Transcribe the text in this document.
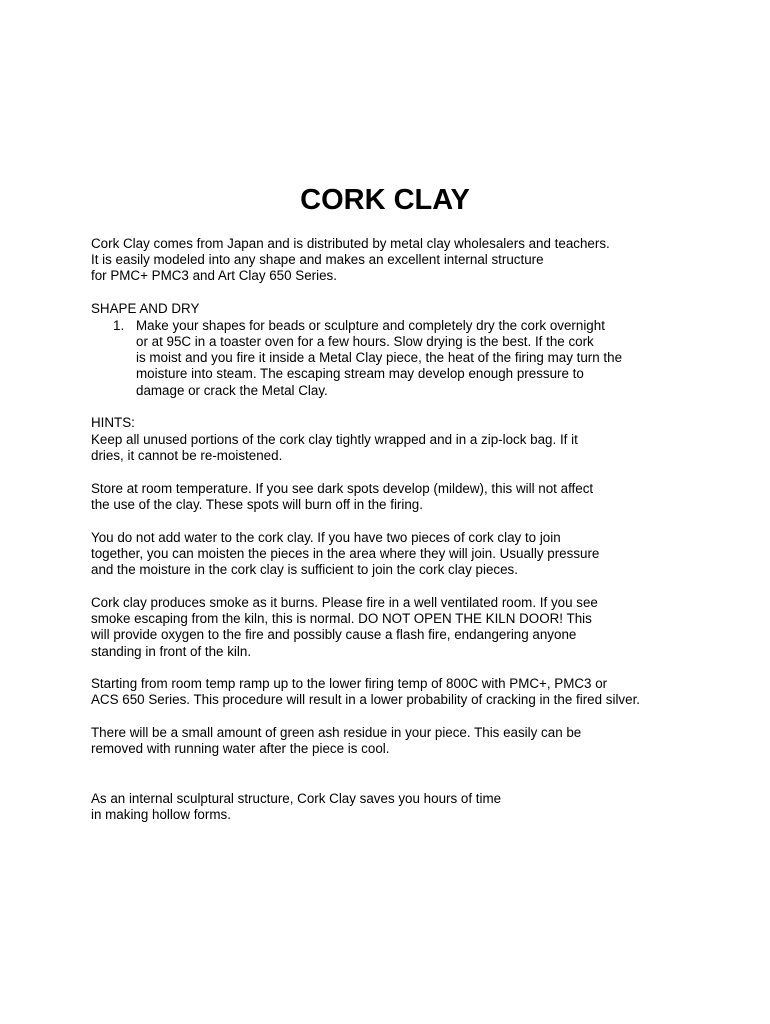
CORK CLAY
Cork Clay comes from Japan and is distributed by metal clay wholesalers and teachers.
It is easily modeled into any shape and makes an excellent internal structure
for PMC+ PMC3 and Art Clay 650 Series.
SHAPE AND DRY
1. Make your shapes for beads or sculpture and completely dry the cork overnight
or at 95C in a toaster oven for a few hours. Slow drying is the best. If the cork
is moist and you fire it inside a Metal Clay piece, the heat of the firing may turn the
moisture into steam. The escaping stream may develop enough pressure to
damage or crack the Metal Clay.
HINTS:
Keep all unused portions of the cork clay tightly wrapped and in a zip-lock bag. If it
dries, it cannot be re-moistened.
Store at room temperature. If you see dark spots develop (mildew), this will not affect
the use of the clay. These spots will burn off in the firing.
You do not add water to the cork clay. If you have two pieces of cork clay to join
together, you can moisten the pieces in the area where they will join. Usually pressure
and the moisture in the cork clay is sufficient to join the cork clay pieces.
Cork clay produces smoke as it burns. Please fire in a well ventilated room. If you see
smoke escaping from the kiln, this is normal. DO NOT OPEN THE KILN DOOR! This
will provide oxygen to the fire and possibly cause a flash fire, endangering anyone
standing in front of the kiln.
Starting from room temp ramp up to the lower firing temp of 800C with PMC+, PMC3 or
ACS 650 Series. This procedure will result in a lower probability of cracking in the fired silver.
There will be a small amount of green ash residue in your piece. This easily can be
removed with running water after the piece is cool.
As an internal sculptural structure, Cork Clay saves you hours of time
in making hollow forms.
